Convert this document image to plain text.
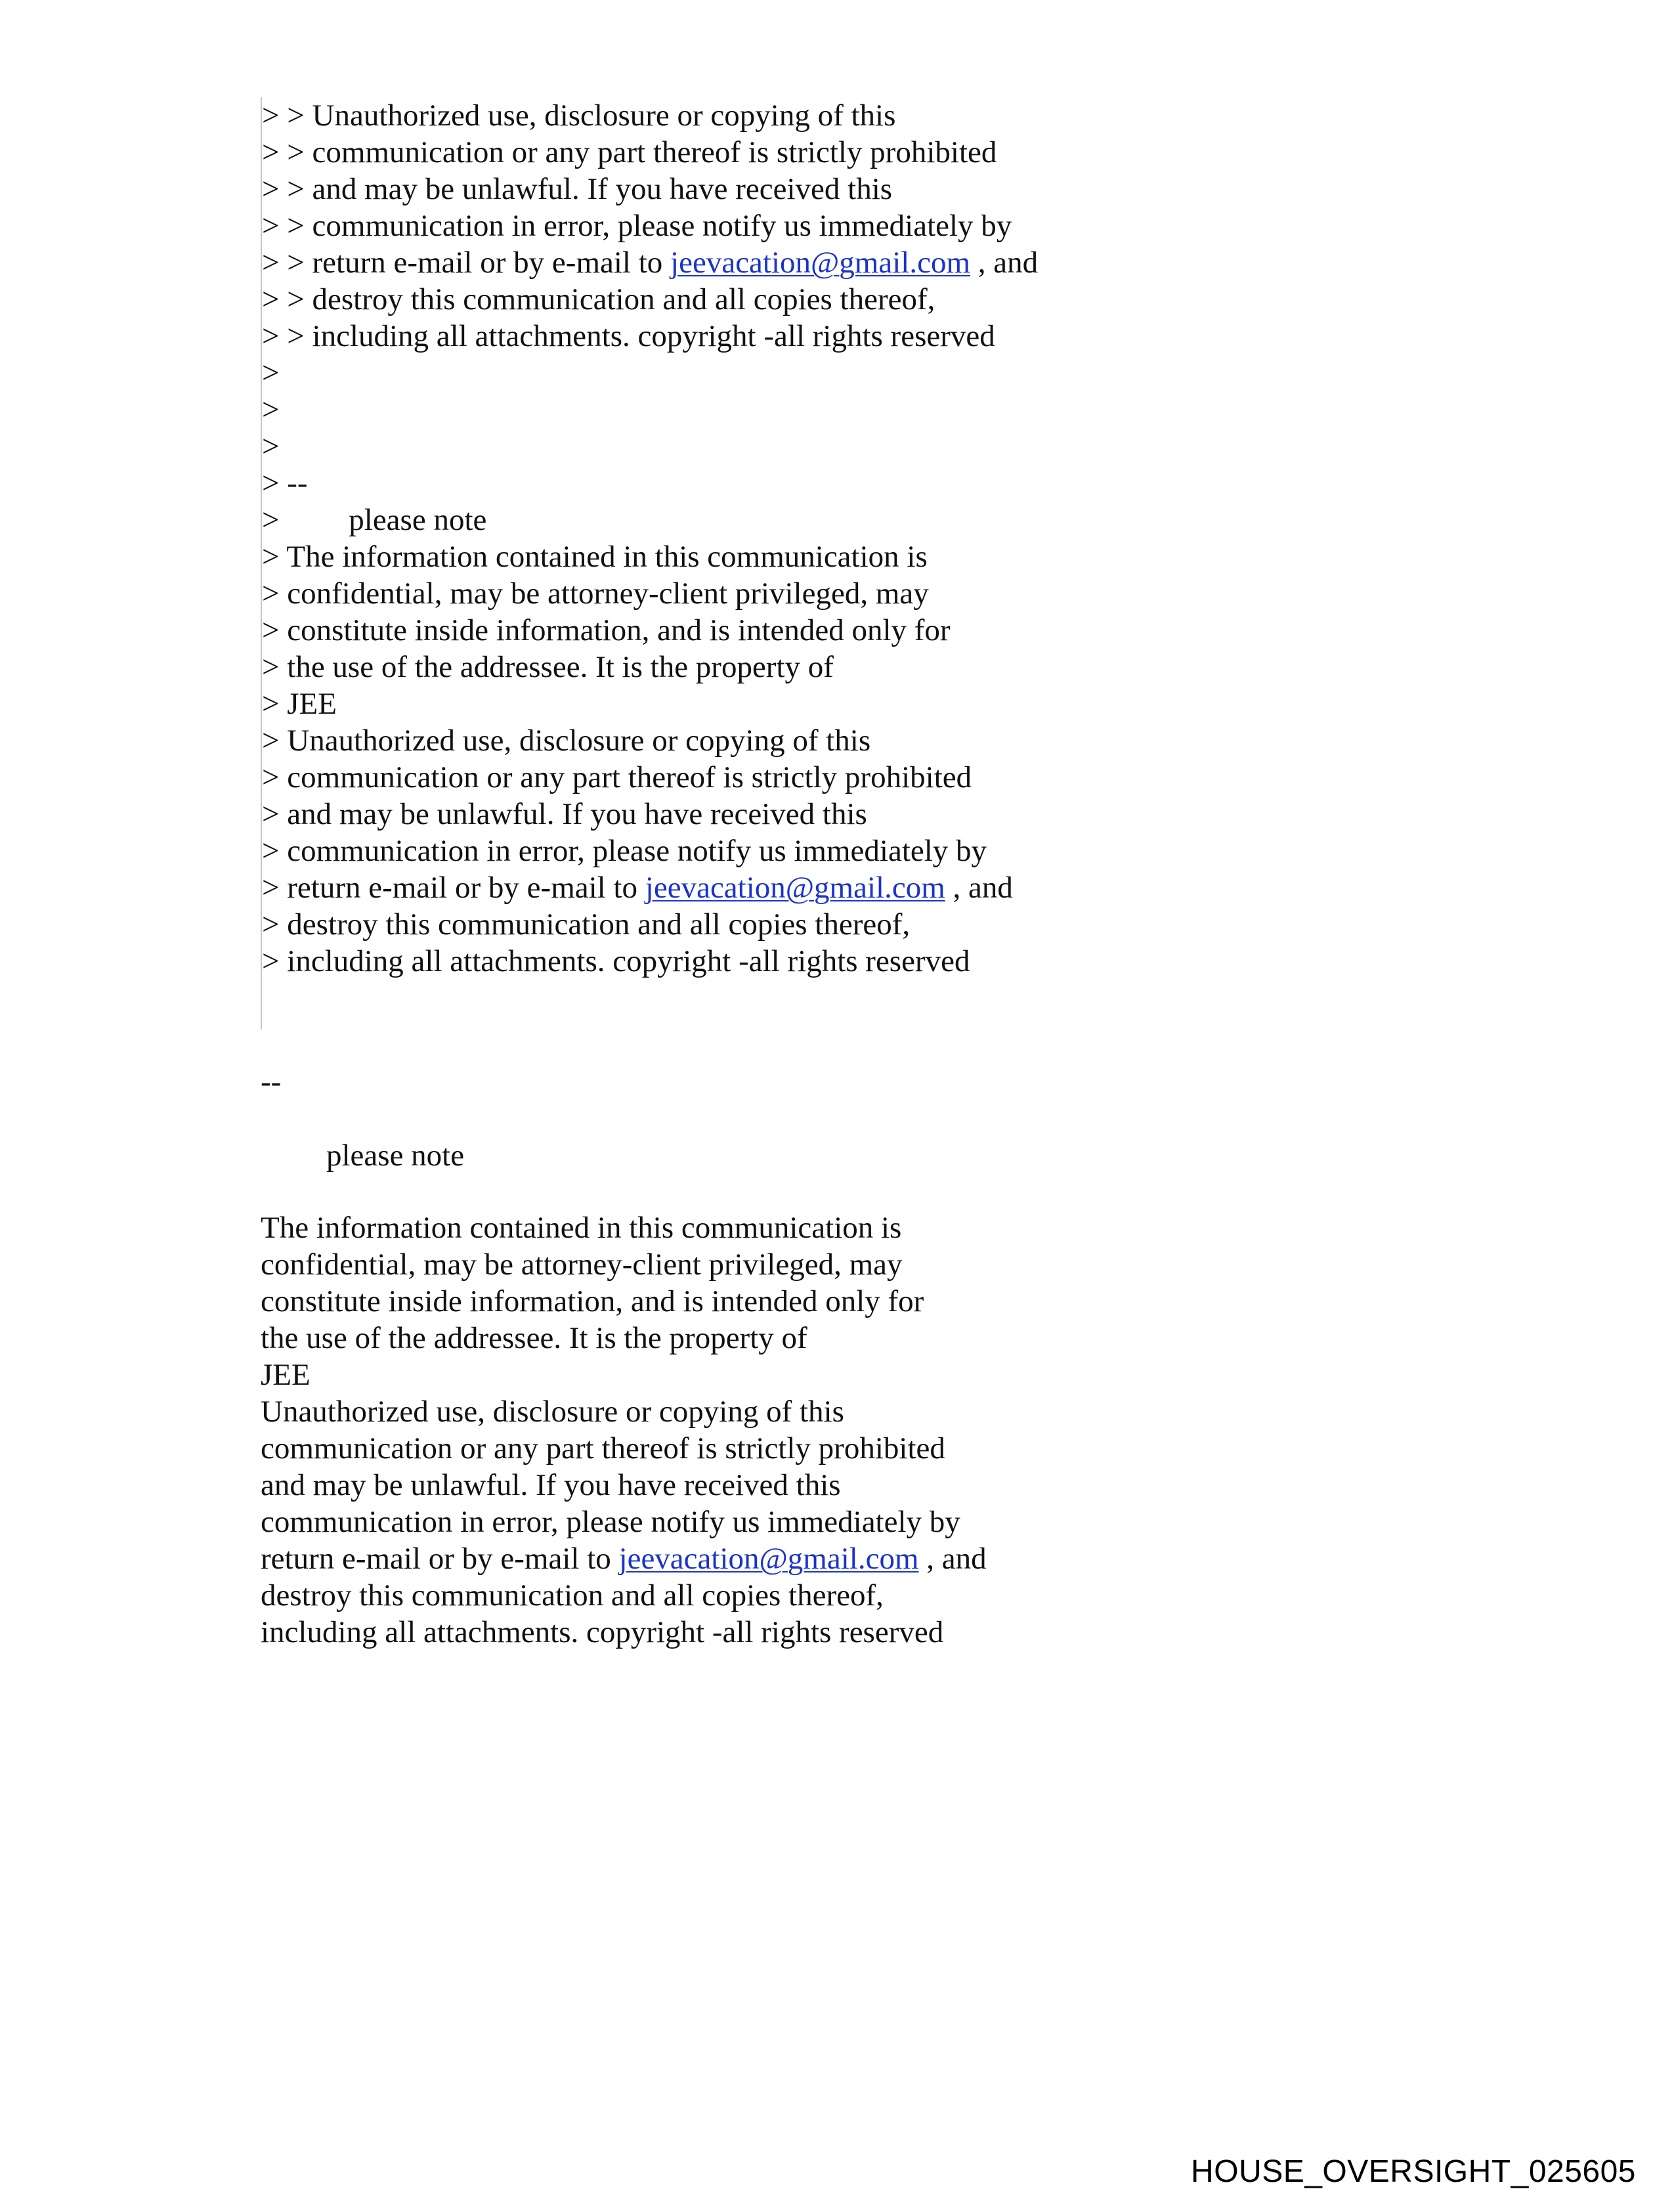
> > Unauthorized use, disclosure or copying of this
> > communication or any part thereof is strictly prohibited
> > and may be unlawful. If you have received this
> > communication in error, please notify us immediately by
> > return e-mail or by e-mail to jeevacation@gmail.com , and
> > destroy this communication and all copies thereof,
> > including all attachments. copyright -all rights reserved
>
>
>
> --
>         please note
> The information contained in this communication is
> confidential, may be attorney-client privileged, may
> constitute inside information, and is intended only for
> the use of the addressee. It is the property of
> JEE
> Unauthorized use, disclosure or copying of this
> communication or any part thereof is strictly prohibited
> and may be unlawful. If you have received this
> communication in error, please notify us immediately by
> return e-mail or by e-mail to jeevacation@gmail.com , and
> destroy this communication and all copies thereof,
> including all attachments. copyright -all rights reserved
--
please note
The information contained in this communication is
confidential, may be attorney-client privileged, may
constitute inside information, and is intended only for
the use of the addressee. It is the property of
JEE
Unauthorized use, disclosure or copying of this
communication or any part thereof is strictly prohibited
and may be unlawful. If you have received this
communication in error, please notify us immediately by
return e-mail or by e-mail to jeevacation@gmail.com , and
destroy this communication and all copies thereof,
including all attachments. copyright -all rights reserved
HOUSE_OVERSIGHT_025605
